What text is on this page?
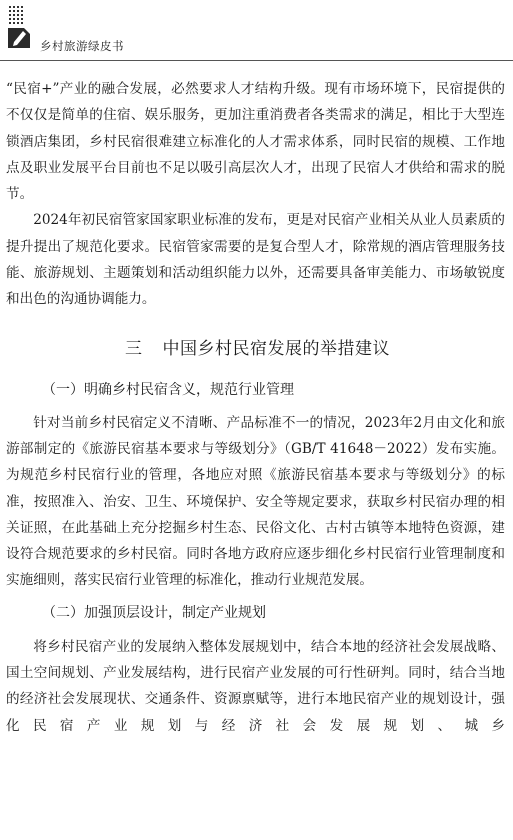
乡村旅游绿皮书

“民宿+”产业的融合发展，必然要求人才结构升级。现有市场环境下，民宿提供的不仅仅是简单的住宿、娱乐服务，更加注重消费者各类需求的满足，相比于大型连锁酒店集团，乡村民宿很难建立标准化的人才需求体系，同时民宿的规模、工作地点及职业发展平台目前也不足以吸引高层次人才，出现了民宿人才供给和需求的脱节。

2024年初民宿管家国家职业标准的发布，更是对民宿产业相关从业人员素质的提升提出了规范化要求。民宿管家需要的是复合型人才，除常规的酒店管理服务技能、旅游规划、主题策划和活动组织能力以外，还需要具备审美能力、市场敏锐度和出色的沟通协调能力。

三 中国乡村民宿发展的举措建议
（一）明确乡村民宿含义，规范行业管理

针对当前乡村民宿定义不清晰、产品标准不一的情况，2023年2月由文化和旅游部制定的《旅游民宿基本要求与等级划分》（GB/T 41648－2022）发布实施。为规范乡村民宿行业的管理，各地应对照《旅游民宿基本要求与等级划分》的标准，按照准入、治安、卫生、环境保护、安全等规定要求，获取乡村民宿办理的相关证照，在此基础上充分挖掘乡村生态、民俗文化、古村古镇等本地特色资源，建设符合规范要求的乡村民宿。同时各地方政府应逐步细化乡村民宿行业管理制度和实施细则，落实民宿行业管理的标准化，推动行业规范发展。

（二）加强顶层设计，制定产业规划

将乡村民宿产业的发展纳入整体发展规划中，结合本地的经济社会发展战略、国土空间规划、产业发展结构，进行民宿产业发展的可行性研判。同时，结合当地的经济社会发展现状、交通条件、资源禀赋等，进行本地民宿产业的规划设计，强化民宿产业规划与经济社会发展规划、城乡
